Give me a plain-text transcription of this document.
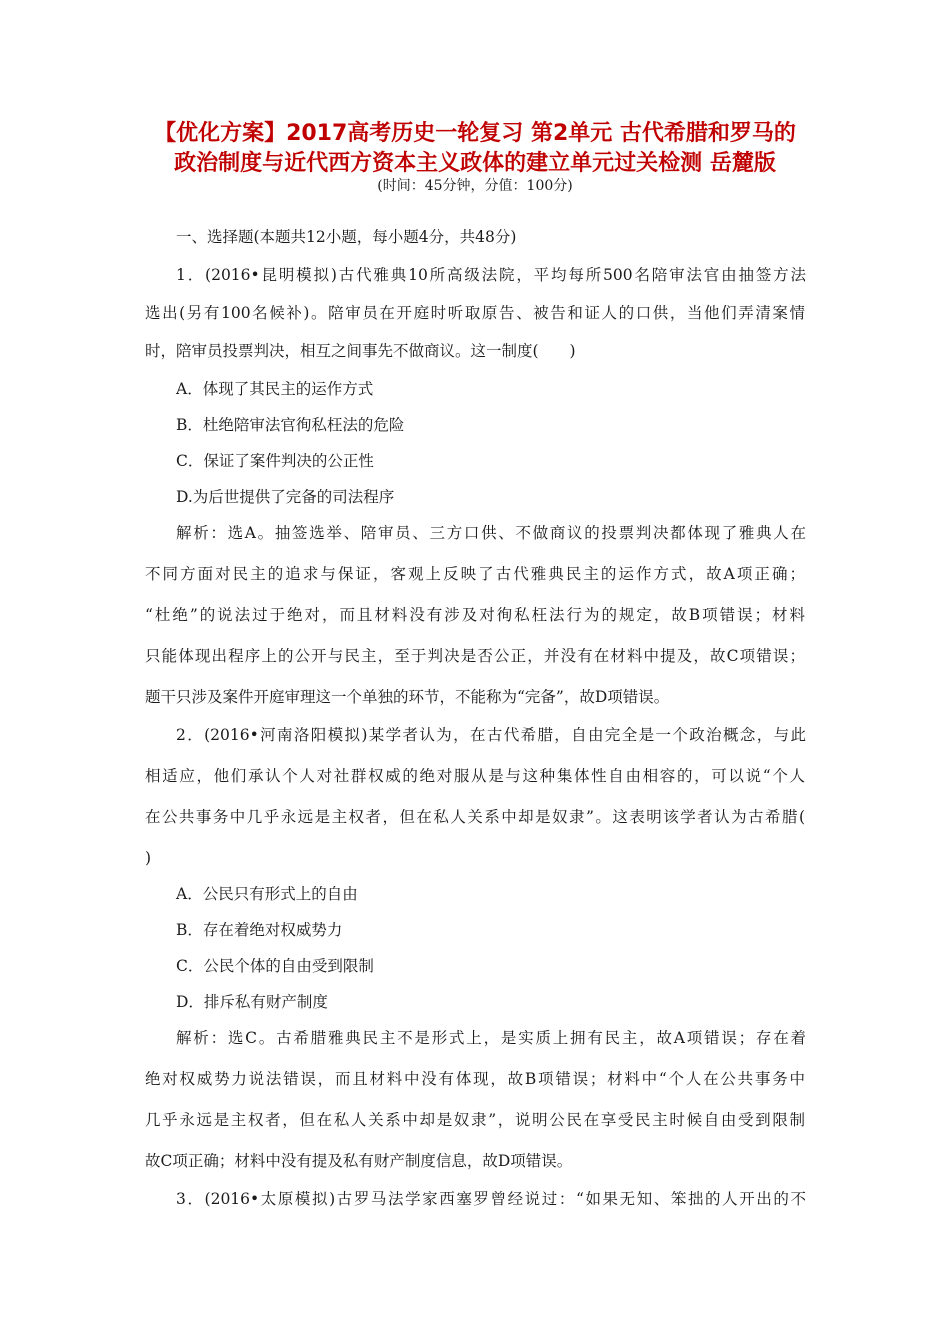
【优化方案】2017高考历史一轮复习 第2单元 古代希腊和罗马的
政治制度与近代西方资本主义政体的建立单元过关检测 岳麓版
(时间：45分钟，分值：100分)
一、选择题(本题共12小题，每小题4分，共48分)
1．(2016•昆明模拟)古代雅典10所高级法院，平均每所500名陪审法官由抽签方法
选出(另有100名候补)。陪审员在开庭时听取原告、被告和证人的口供，当他们弄清案情
时，陪审员投票判决，相互之间事先不做商议。这一制度(　　)
A．体现了其民主的运作方式
B．杜绝陪审法官徇私枉法的危险
C．保证了案件判决的公正性
D.为后世提供了完备的司法程序
解析：选A。抽签选举、陪审员、三方口供、不做商议的投票判决都体现了雅典人在
不同方面对民主的追求与保证，客观上反映了古代雅典民主的运作方式，故A项正确；
“杜绝”的说法过于绝对，而且材料没有涉及对徇私枉法行为的规定，故B项错误；材料
只能体现出程序上的公开与民主，至于判决是否公正，并没有在材料中提及，故C项错误；
题干只涉及案件开庭审理这一个单独的环节，不能称为“完备”，故D项错误。
2．(2016•河南洛阳模拟)某学者认为，在古代希腊，自由完全是一个政治概念，与此
相适应，他们承认个人对社群权威的绝对服从是与这种集体性自由相容的，可以说“个人
在公共事务中几乎永远是主权者，但在私人关系中却是奴隶”。这表明该学者认为古希腊(
)
A．公民只有形式上的自由
B．存在着绝对权威势力
C．公民个体的自由受到限制
D．排斥私有财产制度
解析：选C。古希腊雅典民主不是形式上，是实质上拥有民主，故A项错误；存在着
绝对权威势力说法错误，而且材料中没有体现，故B项错误；材料中“个人在公共事务中
几乎永远是主权者，但在私人关系中却是奴隶”，说明公民在享受民主时候自由受到限制
故C项正确；材料中没有提及私有财产制度信息，故D项错误。
3．(2016•太原模拟)古罗马法学家西塞罗曾经说过：“如果无知、笨拙的人开出的不
